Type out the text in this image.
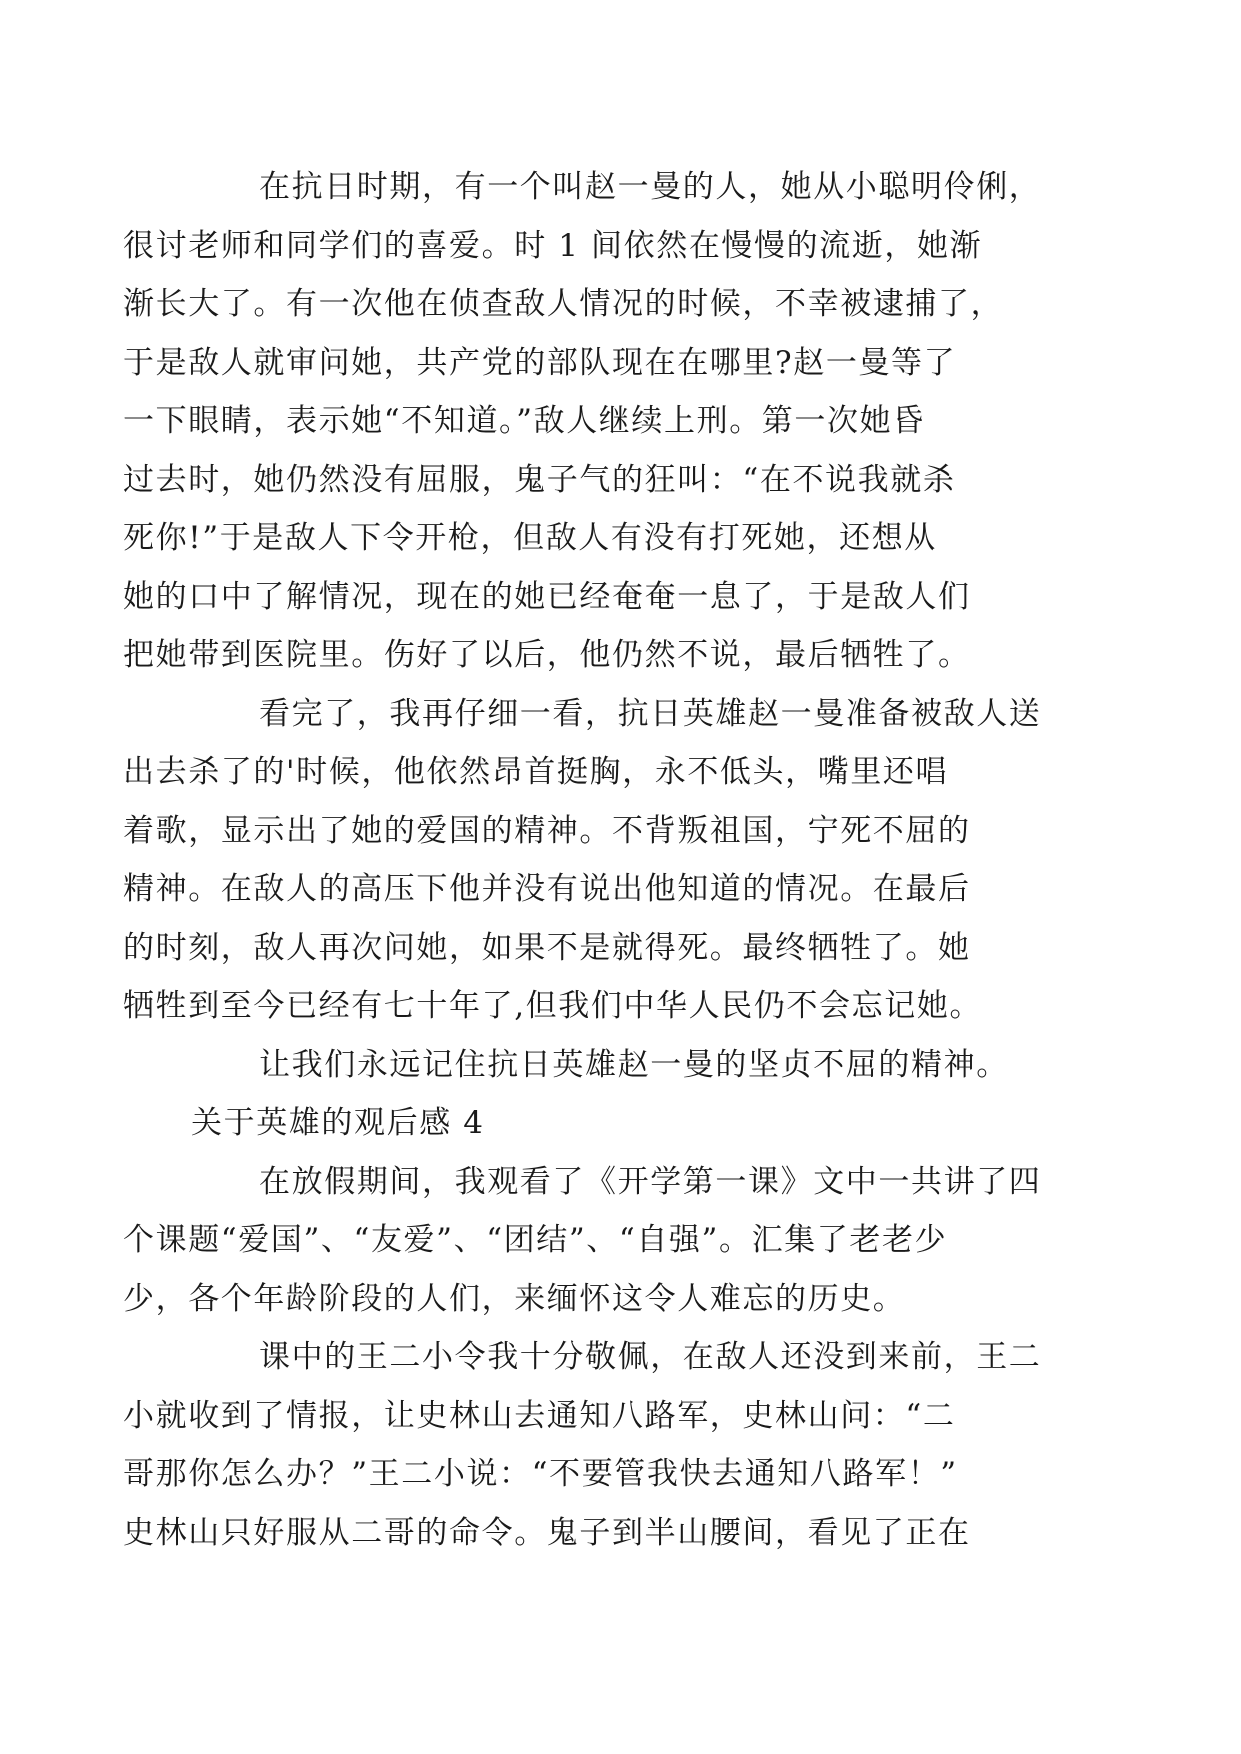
在抗日时期，有一个叫赵一曼的人，她从小聪明伶俐，
很讨老师和同学们的喜爱。时 1 间依然在慢慢的流逝，她渐
渐长大了。有一次他在侦查敌人情况的时候，不幸被逮捕了，
于是敌人就审问她，共产党的部队现在在哪里?赵一曼等了
一下眼睛，表示她“不知道。”敌人继续上刑。第一次她昏
过去时，她仍然没有屈服，鬼子气的狂叫：“在不说我就杀
死你!”于是敌人下令开枪，但敌人有没有打死她，还想从
她的口中了解情况，现在的她已经奄奄一息了，于是敌人们
把她带到医院里。伤好了以后，他仍然不说，最后牺牲了。

看完了，我再仔细一看，抗日英雄赵一曼准备被敌人送
出去杀了的'时候，他依然昂首挺胸，永不低头，嘴里还唱
着歌，显示出了她的爱国的精神。不背叛祖国，宁死不屈的
精神。在敌人的高压下他并没有说出他知道的情况。在最后
的时刻，敌人再次问她，如果不是就得死。最终牺牲了。她
牺牲到至今已经有七十年了,但我们中华人民仍不会忘记她。

让我们永远记住抗日英雄赵一曼的坚贞不屈的精神。

关于英雄的观后感 4

在放假期间，我观看了《开学第一课》文中一共讲了四
个课题“爱国”、“友爱”、“团结”、“自强”。汇集了老老少
少，各个年龄阶段的人们，来缅怀这令人难忘的历史。

课中的王二小令我十分敬佩，在敌人还没到来前，王二
小就收到了情报，让史林山去通知八路军，史林山问：“二
哥那你怎么办？”王二小说：“不要管我快去通知八路军！”
史林山只好服从二哥的命令。鬼子到半山腰间，看见了正在
